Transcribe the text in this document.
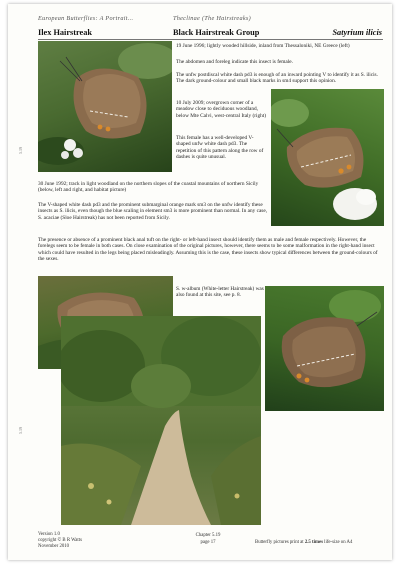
European Butterflies: A Portrait...	Theclinae (The Hairstreaks)
Ilex Hairstreak	Black Hairstreak Group	Satyrium ilicis
5.19
5.19
19 June 1996; lightly wooded hillside, inland from Thessaloniki, NE Greece (left)
The abdomen and foreleg indicate this insect is female.
The unfw postdiscal white dash pd3 is enough of an inward pointing V to identify it as S. ilicis. The dark ground-colour and small black marks in sm4 support this opinion.
10 July 2009; overgrown corner of a meadow close to deciduous woodland, below Mte Calvi, west-central Italy (right)
This female has a well-developed V-shaped unfw white dash pd3. The repetition of this pattern along the row of dashes is quite unusual.
30 June 1992; track in light woodland on the northern slopes of the coastal mountains of northern Sicily (below, left and right, and habitat picture)
The V-shaped white dash pd3 and the prominent submarginal orange mark sm3 on the unfw identify these insects as S. ilicis, even though the blue scaling in element sm3 is more prominent than normal. In any case, S. acaciae (Sloe Hairstreak) has not been reported from Sicily.
The presence or absence of a prominent black anal tuft on the right- or left-hand insect should identify them as male and female respectively. However, the forelegs seem to be female in both cases. On close examination of the original pictures, however, there seems to be some malformation in the right-hand insect which could have resulted in the legs being placed misleadingly. Assuming this is the case, these insects show typical differences between the ground-colours of the sexes.
S. w-album (White-letter Hairstreak) was also found at this site, see p. 8.
Version 1.0
copyright © B R Watts
November 2010
Chapter 5.19
page 17	Butterfly pictures print at 2.5 times life-size on A4
